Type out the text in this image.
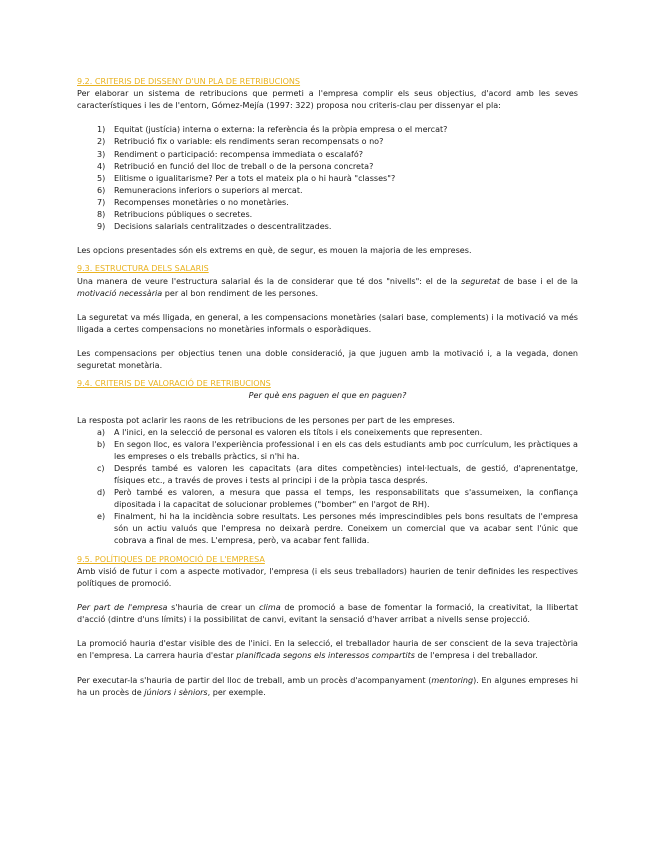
9.2. CRITERIS DE DISSENY D'UN PLA DE RETRIBUCIONS

Per elaborar un sistema de retribucions que permeti a l'empresa complir els seus objectius, d'acord amb les seves característiques i les de l'entorn, Gómez-Mejía (1997: 322) proposa nou criteris-clau per dissenyar el pla:

1) Equitat (justícia) interna o externa: la referència és la pròpia empresa o el mercat?
2) Retribució fix o variable: els rendiments seran recompensats o no?
3) Rendiment o participació: recompensa immediata o escalafó?
4) Retribució en funció del lloc de treball o de la persona concreta?
5) Elitisme o igualitarisme? Per a tots el mateix pla o hi haurà "classes"?
6) Remuneracions inferiors o superiors al mercat.
7) Recompenses monetàries o no monetàries.
8) Retribucions públiques o secretes.
9) Decisions salarials centralitzades o descentralitzades.

Les opcions presentades són els extrems en què, de segur, es mouen la majoria de les empreses.

9.3. ESTRUCTURA DELS SALARIS

Una manera de veure l'estructura salarial és la de considerar que té dos "nivells": el de la seguretat de base i el de la motivació necessària per al bon rendiment de les persones.

La seguretat va més lligada, en general, a les compensacions monetàries (salari base, complements) i la motivació va més lligada a certes compensacions no monetàries informals o esporàdiques.

Les compensacions per objectius tenen una doble consideració, ja que juguen amb la motivació i, a la vegada, donen seguretat monetària.

9.4. CRITERIS DE VALORACIÓ DE RETRIBUCIONS

Per què ens paguen el que en paguen?

La resposta pot aclarir les raons de les retribucions de les persones per part de les empreses.

a) A l'inici, en la selecció de personal es valoren els títols i els coneixements que representen.
b) En segon lloc, es valora l'experiència professional i en els cas dels estudiants amb poc currículum, les pràctiques a les empreses o els treballs pràctics, si n'hi ha.
c) Després també es valoren les capacitats (ara dites competències) intel·lectuals, de gestió, d'aprenentatge, físiques etc., a través de proves i tests al principi i de la pròpia tasca després.
d) Però també es valoren, a mesura que passa el temps, les responsabilitats que s'assumeixen, la confiança dipositada i la capacitat de solucionar problemes ("bomber" en l'argot de RH).
e) Finalment, hi ha la incidència sobre resultats. Les persones més imprescindibles pels bons resultats de l'empresa són un actiu valuós que l'empresa no deixarà perdre. Coneixem un comercial que va acabar sent l'únic que cobrava a final de mes. L'empresa, però, va acabar fent fallida.
9.5. POLÍTIQUES DE PROMOCIÓ DE L'EMPRESA

Amb visió de futur i com a aspecte motivador, l'empresa (i els seus treballadors) haurien de tenir definides les respectives polítiques de promoció.

Per part de l'empresa s'hauria de crear un clima de promoció a base de fomentar la formació, la creativitat, la llibertat d'acció (dintre d'uns límits) i la possibilitat de canvi, evitant la sensació d'haver arribat a nivells sense projecció.

La promoció hauria d'estar visible des de l'inici. En la selecció, el treballador hauria de ser conscient de la seva trajectòria en l'empresa. La carrera hauria d'estar planificada segons els interessos compartits de l'empresa i del treballador.

Per executar-la s'hauria de partir del lloc de treball, amb un procès d'acompanyament (mentoring). En algunes empreses hi ha un procès de júniors i sèniors, per exemple.
